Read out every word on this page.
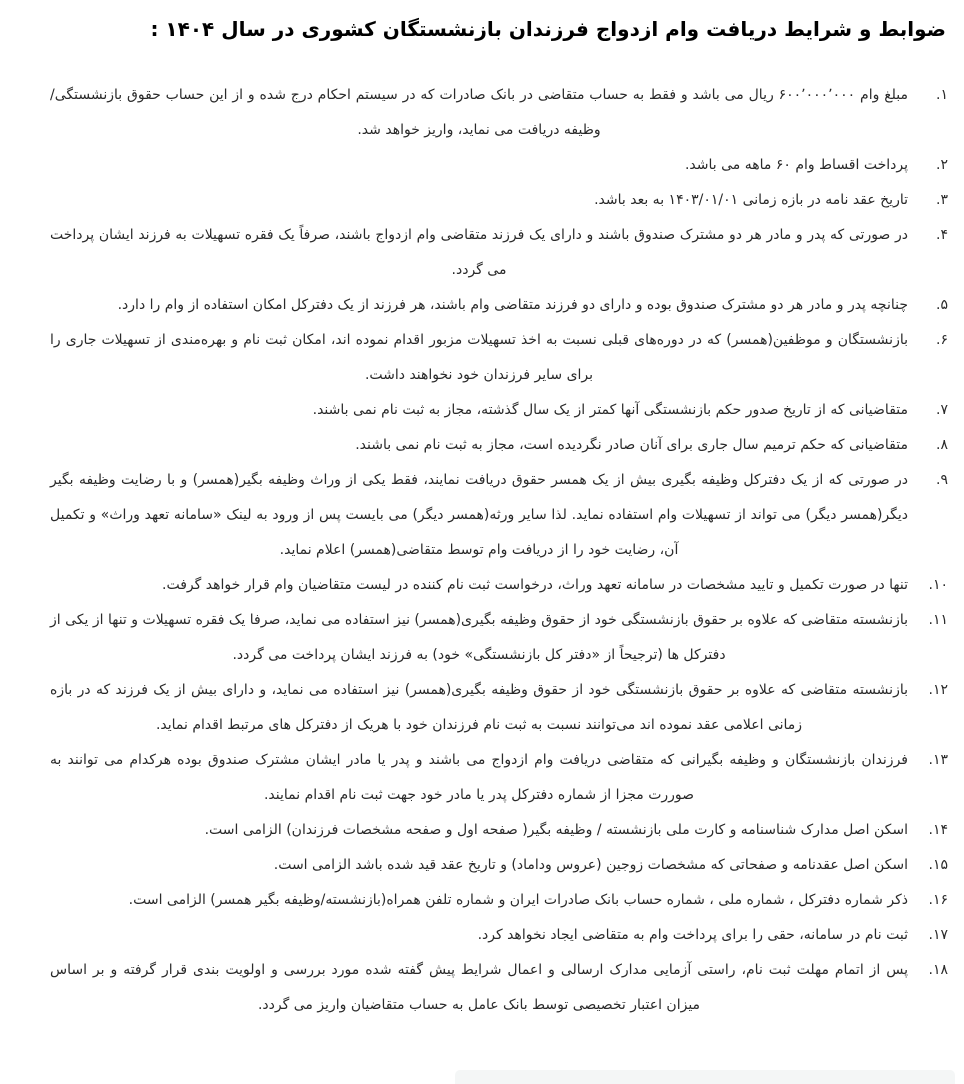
ضوابط و شرایط دریافت وام ازدواج فرزندان بازنشستگان کشوری در سال ۱۴۰۴ :
۱.
مبلغ وام ۶۰۰٬۰۰۰٬۰۰۰ ریال می باشد و فقط به حساب متقاضی در بانک صادرات که در سیستم احکام درج شده و از این حساب حقوق بازنشستگی/ وظیفه دریافت می نماید، واریز خواهد شد.
۲.
پرداخت اقساط وام ۶۰ ماهه می باشد.
۳.
تاریخ عقد نامه در بازه زمانی ۱۴۰۳/۰۱/۰۱ به بعد باشد.
۴.
در صورتی که پدر و مادر هر دو مشترک صندوق باشند و دارای یک فرزند متقاضی وام ازدواج باشند، صرفاً یک فقره تسهیلات به فرزند ایشان پرداخت می گردد.
۵.
چنانچه پدر و مادر هر دو مشترک صندوق بوده و دارای دو فرزند متقاضی وام باشند، هر فرزند از یک دفترکل امکان استفاده از وام را دارد.
۶.
بازنشستگان و موظفین(همسر) که در دوره‌های قبلی نسبت به اخذ تسهیلات مزبور اقدام نموده اند، امکان ثبت نام و بهره‌مندی از تسهیلات جاری را برای سایر فرزندان خود نخواهند داشت.
۷.
متقاضیانی که از تاریخ صدور حکم بازنشستگی آنها کمتر از یک سال گذشته، مجاز به ثبت نام نمی باشند.
۸.
متقاضیانی که حکم ترمیم سال جاری برای آنان صادر نگردیده است، مجاز به ثبت نام نمی باشند.
۹.
در صورتی که از یک دفترکل وظیفه بگیری بیش از یک همسر حقوق دریافت نمایند، فقط یکی از وراث وظیفه بگیر(همسر) و با رضایت وظیفه بگیر دیگر(همسر دیگر) می تواند از تسهیلات وام استفاده نماید. لذا سایر ورثه(همسر دیگر) می بایست پس از ورود به لینک «سامانه تعهد وراث» و تکمیل آن، رضایت خود را از دریافت وام توسط متقاضی(همسر) اعلام نماید.
۱۰.
تنها در صورت تکمیل و تایید مشخصات در سامانه تعهد وراث، درخواست ثبت نام کننده در لیست متقاضیان وام قرار خواهد گرفت.
۱۱.
بازنشسته متقاضی که علاوه بر حقوق بازنشستگی خود از حقوق وظیفه بگیری(همسر) نیز استفاده می نماید، صرفا یک فقره تسهیلات و تنها از یکی از دفترکل ها (ترجیحاً از «دفتر کل بازنشستگی» خود) به فرزند ایشان پرداخت می گردد.
۱۲.
بازنشسته متقاضی که علاوه بر حقوق بازنشستگی خود از حقوق وظیفه بگیری(همسر) نیز استفاده می نماید، و دارای بیش از یک فرزند که در بازه زمانی اعلامی عقد نموده اند می‌توانند نسبت به ثبت نام فرزندان خود با هریک از دفترکل های مرتبط اقدام نماید.
۱۳.
فرزندان بازنشستگان و وظیفه بگیرانی که متقاضی دریافت وام ازدواج می باشند و پدر یا مادر ایشان مشترک صندوق بوده هرکدام می توانند به صوررت مجزا از شماره دفترکل پدر یا مادر خود جهت ثبت نام اقدام نمایند.
۱۴.
اسکن اصل مدارک شناسنامه و کارت ملی بازنشسته / وظیفه بگیر( صفحه اول و صفحه مشخصات فرزندان) الزامی است.
۱۵.
اسکن اصل عقدنامه و صفحاتی که مشخصات زوجین (عروس وداماد) و تاریخ عقد قید شده باشد الزامی است.
۱۶.
ذکر شماره دفترکل ، شماره ملی ، شماره حساب بانک صادرات ایران و شماره تلفن همراه(بازنشسته/وظیفه بگیر همسر) الزامی است.
۱۷.
ثبت نام در سامانه، حقی را برای پرداخت وام به متقاضی ایجاد نخواهد کرد.
۱۸.
پس از اتمام مهلت ثبت نام، راستی آزمایی مدارک ارسالی و اعمال شرایط پیش گفته شده مورد بررسی و اولویت بندی قرار گرفته و بر اساس میزان اعتبار تخصیصی توسط بانک عامل به حساب متقاضیان واریز می گردد.
